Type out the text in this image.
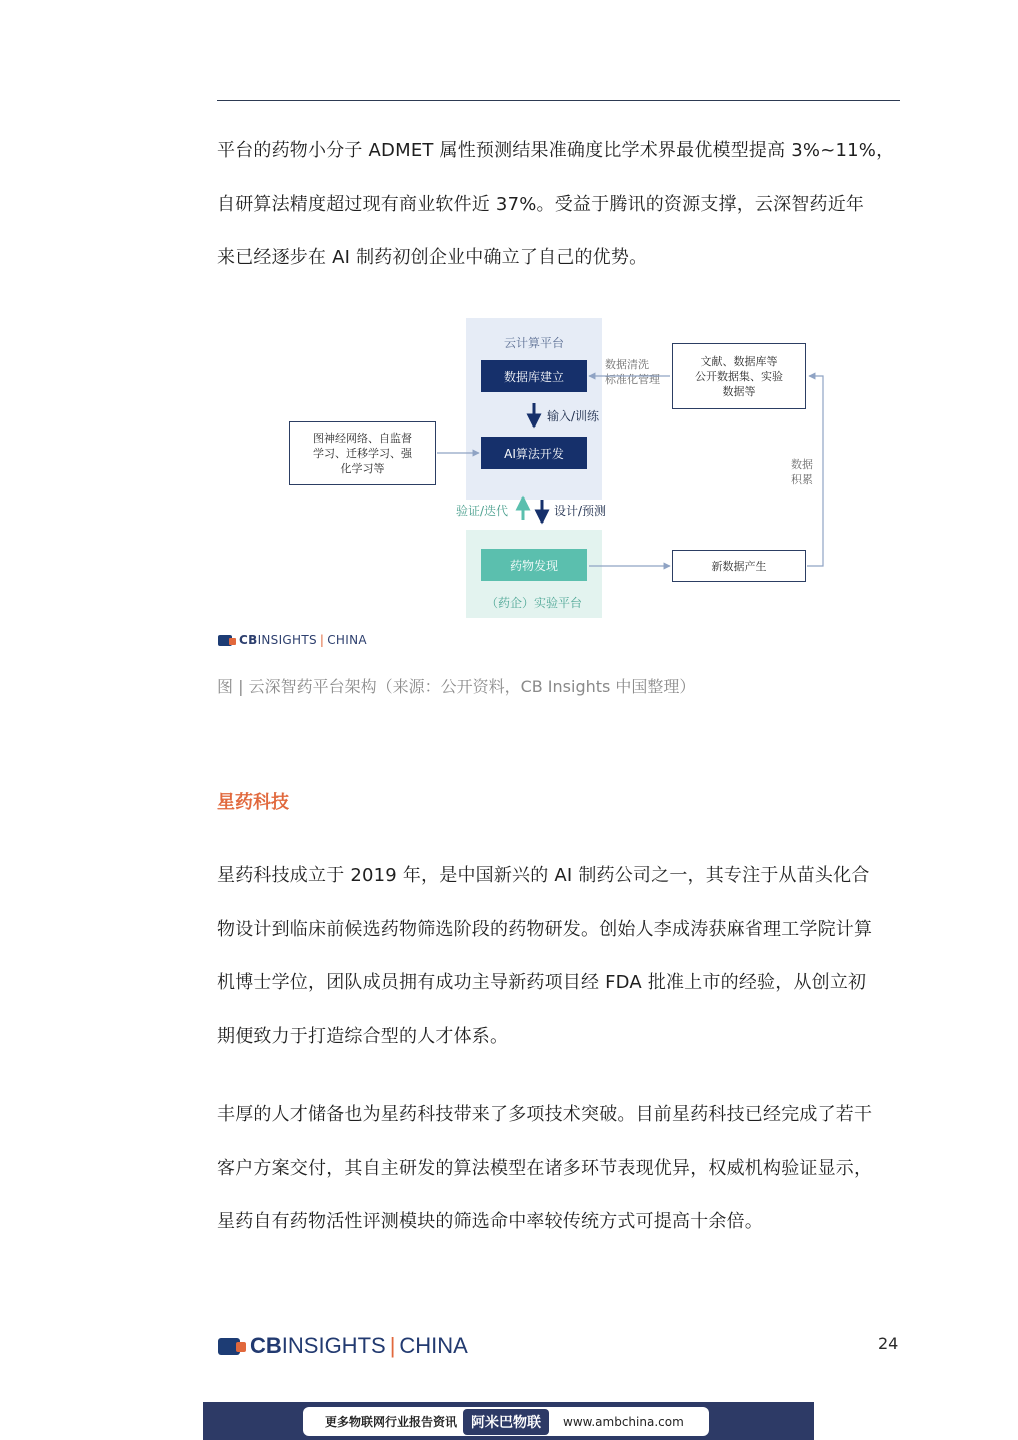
平台的药物小分子 ADMET 属性预测结果准确度比学术界最优模型提高 3%~11%，
自研算法精度超过现有商业软件近 37%。受益于腾讯的资源支撑，云深智药近年
来已经逐步在 AI 制药初创企业中确立了自己的优势。
云计算平台
数据库建立
AI算法开发
（药企）实验平台
药物发现
图神经网络、自监督
学习、迁移学习、强
化学习等
文献、数据库等
公开数据集、实验
数据等
新数据产生
数据清洗
标准化管理
数据
积累
输入/训练
验证/迭代	设计/预测
CB INSIGHTS | CHINA
图 | 云深智药平台架构（来源：公开资料，CB Insights 中国整理）
星药科技
星药科技成立于 2019 年，是中国新兴的 AI 制药公司之一，其专注于从苗头化合
物设计到临床前候选药物筛选阶段的药物研发。创始人李成涛获麻省理工学院计算
机博士学位，团队成员拥有成功主导新药项目经 FDA 批准上市的经验，从创立初
期便致力于打造综合型的人才体系。
丰厚的人才储备也为星药科技带来了多项技术突破。目前星药科技已经完成了若干
客户方案交付，其自主研发的算法模型在诸多环节表现优异，权威机构验证显示，
星药自有药物活性评测模块的筛选命中率较传统方式可提高十余倍。
CB INSIGHTS | CHINA	24
更多物联网行业报告资讯 阿米巴物联	www.ambchina.com
